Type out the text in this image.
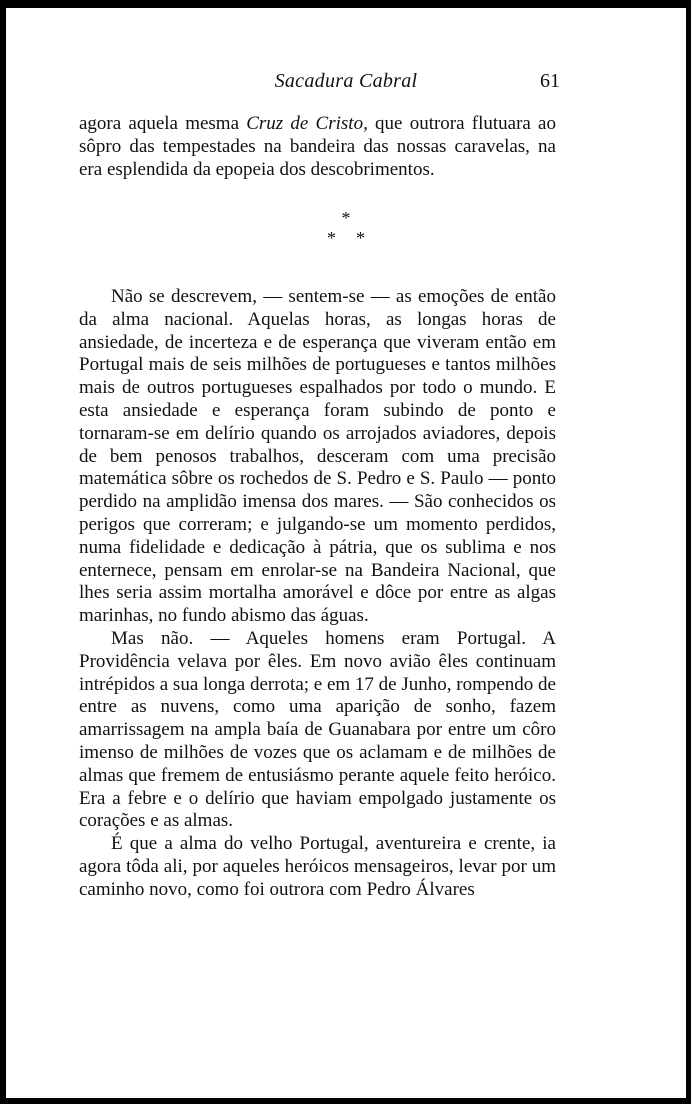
Sacadura Cabral	61

agora aquela mesma Cruz de Cristo, que outrora flutuara ao sôpro das tempestades na bandeira das nossas caravelas, na era esplendida da epopeia dos descobrimentos.

*
**

Não se descrevem, — sentem-se — as emoções de então da alma nacional. Aquelas horas, as longas horas de ansiedade, de incerteza e de esperança que viveram então em Portugal mais de seis milhões de portugueses e tantos milhões mais de outros portugueses espalhados por todo o mundo. E esta ansiedade e esperança foram subindo de ponto e tornaram-se em delírio quando os arrojados aviadores, depois de bem penosos trabalhos, desceram com uma precisão matemática sôbre os rochedos de S. Pedro e S. Paulo — ponto perdido na amplidão imensa dos mares. — São conhecidos os perigos que correram; e julgando-se um momento perdidos, numa fidelidade e dedicação à pátria, que os sublima e nos enternece, pensam em enrolar-se na Bandeira Nacional, que lhes seria assim mortalha amorável e dôce por entre as algas marinhas, no fundo abismo das águas.

Mas não. — Aqueles homens eram Portugal. A Providência velava por êles. Em novo avião êles continuam intrépidos a sua longa derrota; e em 17 de Junho, rompendo de entre as nuvens, como uma aparição de sonho, fazem amarrissagem na ampla baía de Guanabara por entre um côro imenso de milhões de vozes que os aclamam e de milhões de almas que fremem de entusiásmo perante aquele feito heróico. Era a febre e o delírio que haviam empolgado justamente os corações e as almas.

É que a alma do velho Portugal, aventureira e crente, ia agora tôda ali, por aqueles heróicos mensageiros, levar por um caminho novo, como foi outrora com Pedro Álvares
